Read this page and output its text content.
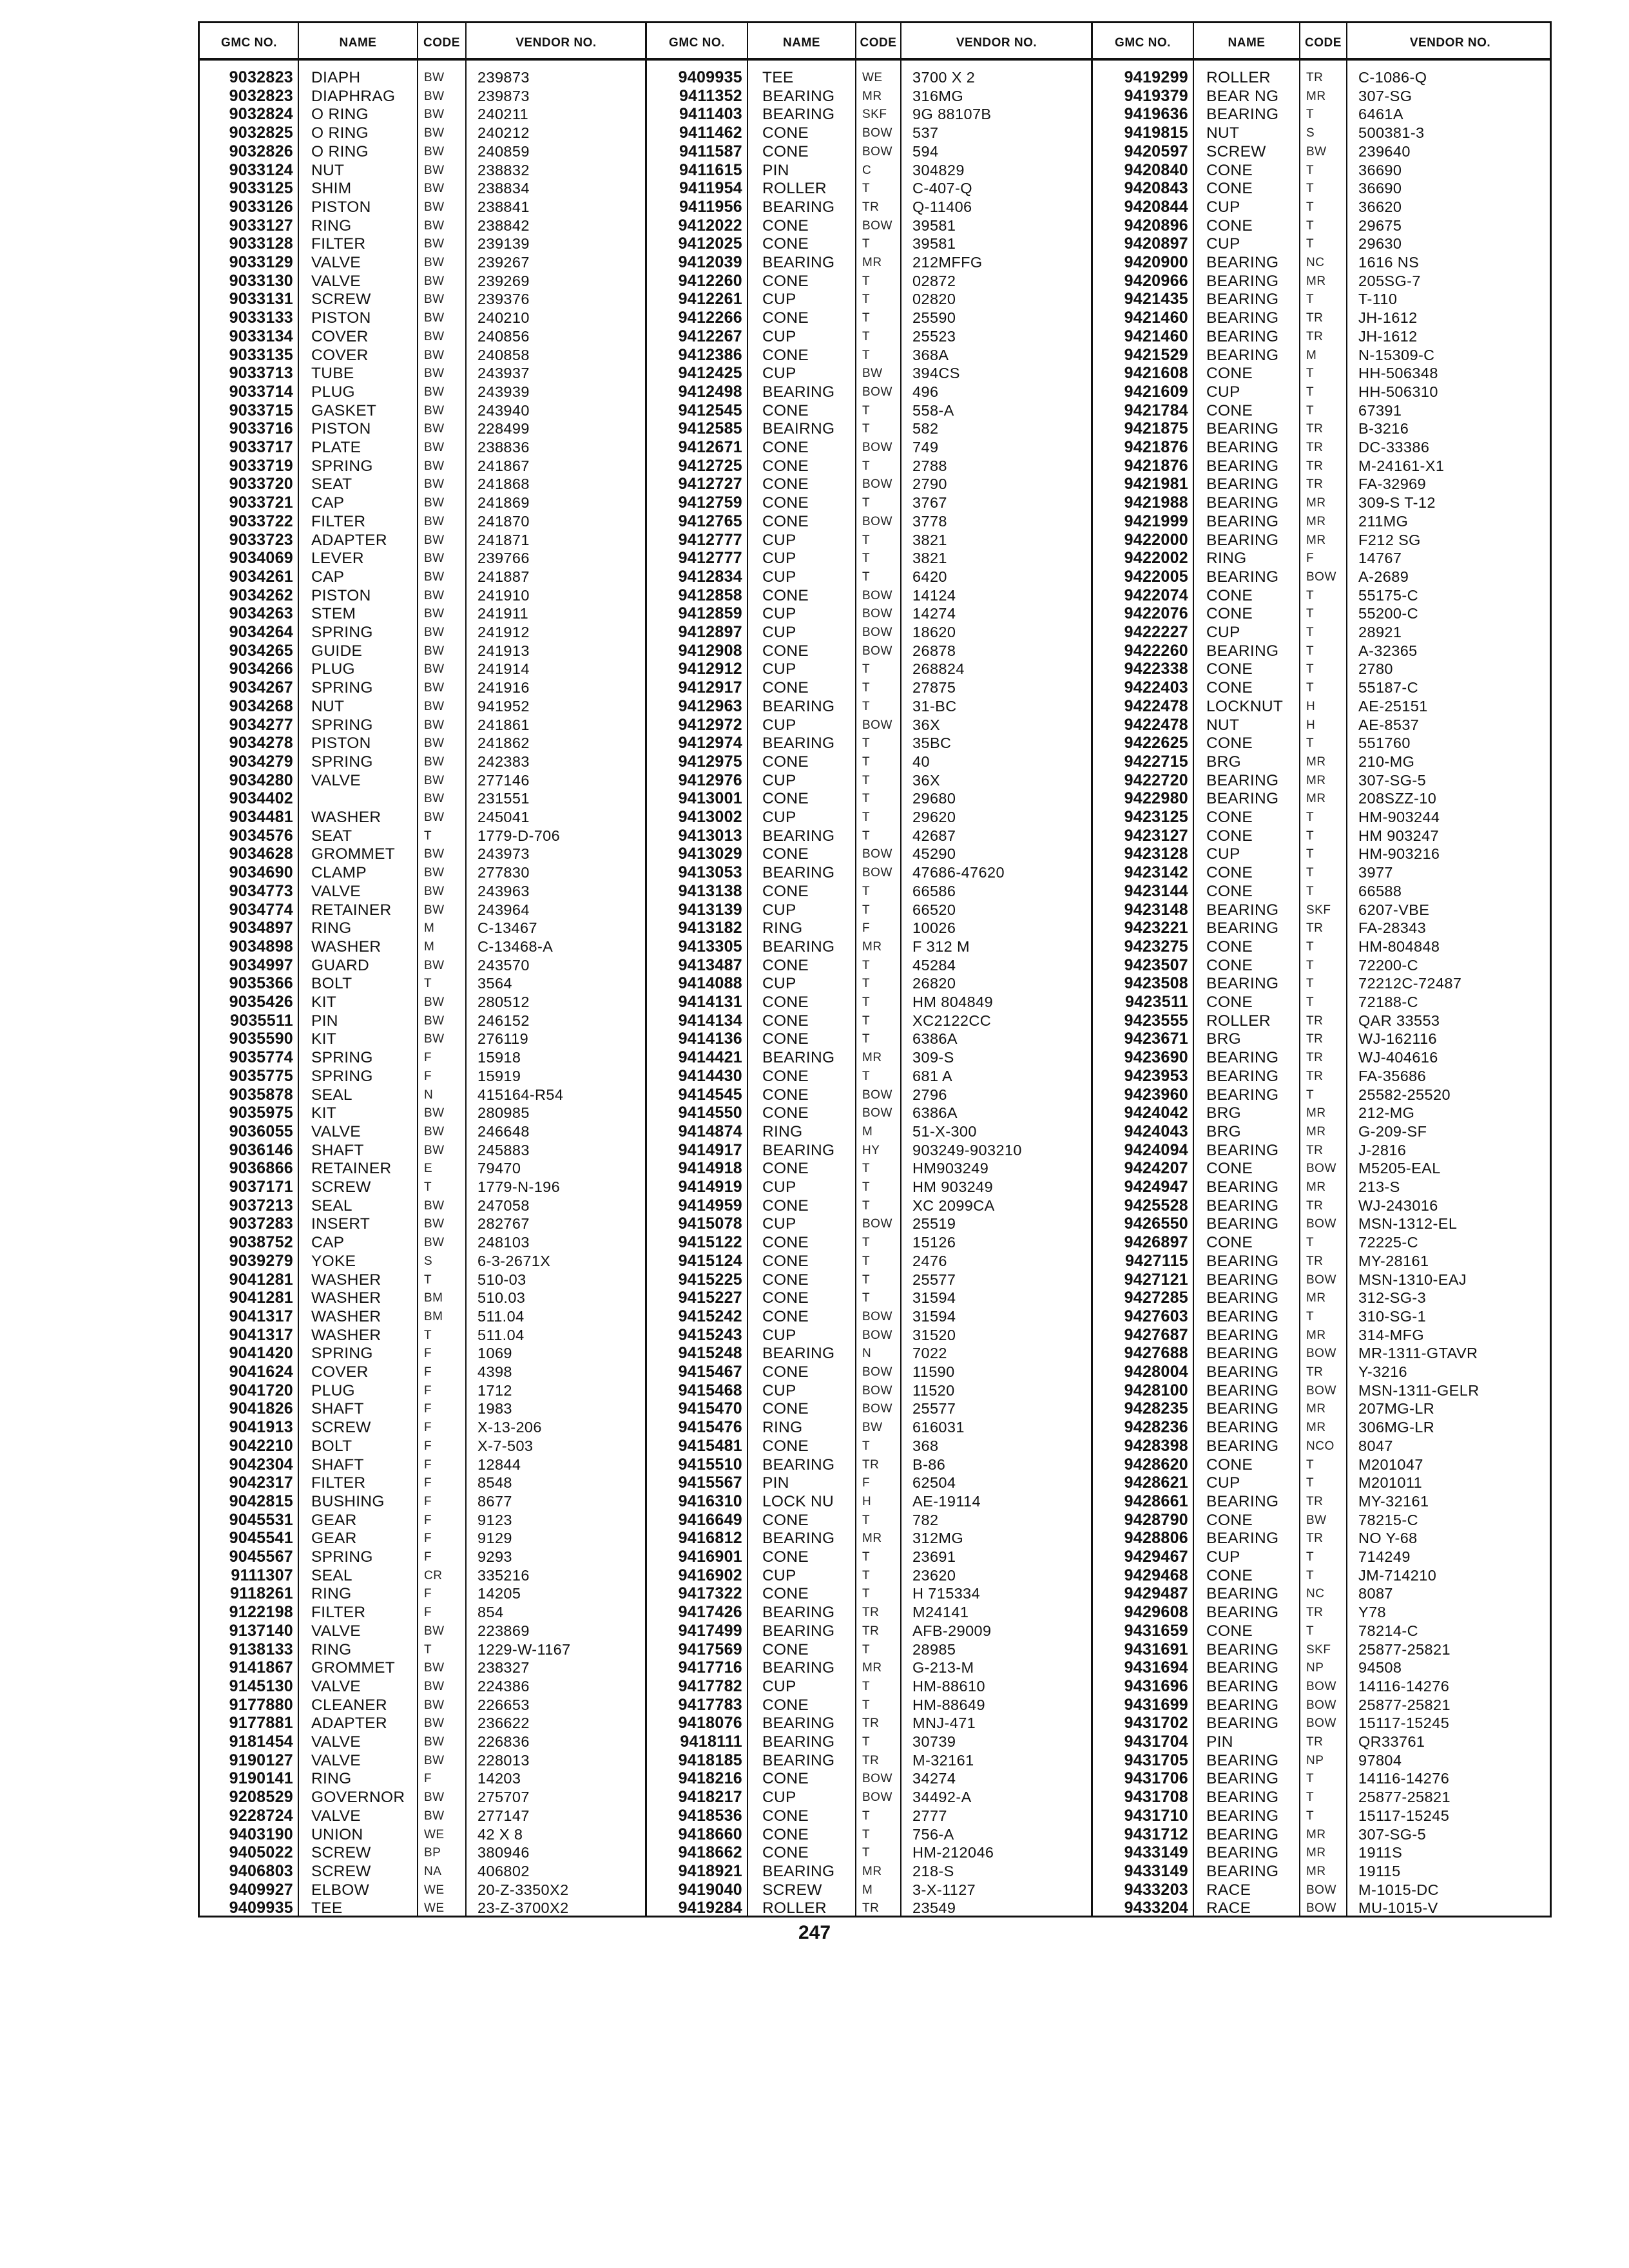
GMC NO.	NAME	CODE	VENDOR NO.	GMC NO.	NAME	CODE	VENDOR NO.	GMC NO.	NAME	CODE	VENDOR NO.
9032823 DIAPH	BW 239873
9032823 DIAPHRAG BW 239873
9032824 O RING	BW 240211
9032825 O RING	BW 240212
9032826 O RING	BW 240859
9033124 NUT	BW 238832
9033125 SHIM	BW 238834
9033126 PISTON	BW 238841
9033127 RING	BW 238842
9033128 FILTER	BW 239139
9033129 VALVE	BW 239267
9033130 VALVE	BW 239269
9033131 SCREW	BW 239376
9033133 PISTON	BW 240210
9033134 COVER	BW 240856
9033135 COVER	BW 240858
9033713 TUBE	BW 243937
9033714 PLUG	BW 243939
9033715 GASKET	BW 243940
9033716 PISTON	BW 228499
9033717 PLATE	BW 238836
9033719 SPRING	BW 241867
9033720 SEAT	BW 241868
9033721 CAP	BW 241869
9033722 FILTER	BW 241870
9033723 ADAPTER	BW 241871
9034069 LEVER	BW 239766
9034261 CAP	BW 241887
9034262 PISTON	BW 241910
9034263 STEM	BW 241911
9034264 SPRING	BW 241912
9034265 GUIDE	BW 241913
9034266 PLUG	BW 241914
9034267 SPRING	BW 241916
9034268 NUT	BW 941952
9034277 SPRING	BW 241861
9034278 PISTON	BW 241862
9034279 SPRING	BW 242383
9034280 VALVE	BW 277146
9034402	BW 231551
9034481 WASHER	BW 245041
9034576 SEAT	T	1779-D-706
9034628 GROMMET BW 243973
9034690 CLAMP	BW 277830
9034773 VALVE	BW 243963
9034774 RETAINER	BW 243964
9034897 RING	M	C-13467
9034898 WASHER	M	C-13468-A
9034997 GUARD	BW 243570
9035366 BOLT	T	3564
9035426 KIT	BW 280512
9035511 PIN	BW 246152
9035590 KIT	BW 276119
9035774 SPRING	F	15918
9035775 SPRING	F	15919
9035878 SEAL	N	415164-R54
9035975 KIT	BW 280985
9036055 VALVE	BW 246648
9036146 SHAFT	BW 245883
9036866 RETAINER	E	79470
9037171 SCREW	T	1779-N-196
9037213 SEAL	BW 247058
9037283 INSERT	BW 282767
9038752 CAP	BW 248103
9039279 YOKE	S	6-3-2671X
9041281 WASHER	T	510-03
9041281 WASHER	BM 510.03
9041317 WASHER	BM 511.04
9041317 WASHER	T	511.04
9041420 SPRING	F	1069
9041624 COVER	F	4398
9041720 PLUG	F	1712
9041826 SHAFT	F	1983
9041913 SCREW	F	X-13-206
9042210 BOLT	F	X-7-503
9042304 SHAFT	F	12844
9042317 FILTER	F	8548
9042815 BUSHING	F	8677
9045531 GEAR	F	9123
9045541 GEAR	F	9129
9045567 SPRING	F	9293
9111307 SEAL	CR 335216
9118261 RING	F	14205
9122198 FILTER	F	854
9137140 VALVE	BW 223869
9138133 RING	T	1229-W-1167
9141867 GROMMET BW 238327
9145130 VALVE	BW 224386
9177880 CLEANER	BW 226653
9177881 ADAPTER	BW 236622
9181454 VALVE	BW 226836
9190127 VALVE	BW 228013
9190141 RING	F	14203
9208529 GOVERNOR BW 275707
9228724 VALVE	BW 277147
9403190 UNION	WE 42 X 8
9405022 SCREW	BP 380946
9406803 SCREW	NA 406802
9409927 ELBOW	WE 20-Z-3350X2
9409935 TEE	WE 23-Z-3700X2
9409935 TEE	WE 3700 X 2
9411352 BEARING MR 316MG
9411403 BEARING SKF 9G 88107B
9411462 CONE	BOW 537
9411587 CONE	BOW 594
9411615 PIN	C	304829
9411954 ROLLER	T	C-407-Q
9411956 BEARING TR Q-11406
9412022 CONE	BOW 39581
9412025 CONE	T	39581
9412039 BEARING MR 212MFFG
9412260 CONE	T	02872
9412261 CUP	T	02820
9412266 CONE	T	25590
9412267 CUP	T	25523
9412386 CONE	T	368A
9412425 CUP	BW 394CS
9412498 BEARING BOW 496
9412545 CONE	T	558-A
9412585 BEAIRNG T	582
9412671 CONE	BOW 749
9412725 CONE	T	2788
9412727 CONE	BOW 2790
9412759 CONE	T	3767
9412765 CONE	BOW 3778
9412777 CUP	T	3821
9412777 CUP	T	3821
9412834 CUP	T	6420
9412858 CONE	BOW 14124
9412859 CUP	BOW 14274
9412897 CUP	BOW 18620
9412908 CONE	BOW 26878
9412912 CUP	T	268824
9412917 CONE	T	27875
9412963 BEARING T	31-BC
9412972 CUP	BOW 36X
9412974 BEARING T	35BC
9412975 CONE	T	40
9412976 CUP	T	36X
9413001 CONE	T	29680
9413002 CUP	T	29620
9413013 BEARING T	42687
9413029 CONE	BOW 45290
9413053 BEARING BOW 47686-47620
9413138 CONE	T	66586
9413139 CUP	T	66520
9413182 RING	F	10026
9413305 BEARING MR F 312 M
9413487 CONE	T	45284
9414088 CUP	T	26820
9414131 CONE	T	HM 804849
9414134 CONE	T	XC2122CC
9414136 CONE	T	6386A
9414421 BEARING MR 309-S
9414430 CONE	T	681 A
9414545 CONE	BOW 2796
9414550 CONE	BOW 6386A
9414874 RING	M	51-X-300
9414917 BEARING HY 903249-903210
9414918 CONE	T	HM903249
9414919 CUP	T	HM 903249
9414959 CONE	T	XC 2099CA
9415078 CUP	BOW 25519
9415122 CONE	T	15126
9415124 CONE	T	2476
9415225 CONE	T	25577
9415227 CONE	T	31594
9415242 CONE	BOW 31594
9415243 CUP	BOW 31520
9415248 BEARING N	7022
9415467 CONE	BOW 11590
9415468 CUP	BOW 11520
9415470 CONE	BOW 25577
9415476 RING	BW 616031
9415481 CONE	T	368
9415510 BEARING TR B-86
9415567 PIN	F	62504
9416310 LOCK NU H	AE-19114
9416649 CONE	T	782
9416812 BEARING MR 312MG
9416901 CONE	T	23691
9416902 CUP	T	23620
9417322 CONE	T	H 715334
9417426 BEARING TR M24141
9417499 BEARING TR AFB-29009
9417569 CONE	T	28985
9417716 BEARING MR G-213-M
9417782 CUP	T	HM-88610
9417783 CONE	T	HM-88649
9418076 BEARING TR MNJ-471
9418111 BEARING T	30739
9418185 BEARING TR M-32161
9418216 CONE	BOW 34274
9418217 CUP	BOW 34492-A
9418536 CONE	T	2777
9418660 CONE	T	756-A
9418662 CONE	T	HM-212046
9418921 BEARING MR 218-S
9419040 SCREW	M	3-X-1127
9419284 ROLLER	TR 23549
9419299 ROLLER	TR C-1086-Q
9419379 BEAR NG MR 307-SG
9419636 BEARING T	6461A
9419815 NUT	S	500381-3
9420597 SCREW	BW 239640
9420840 CONE	T	36690
9420843 CONE	T	36690
9420844 CUP	T	36620
9420896 CONE	T	29675
9420897 CUP	T	29630
9420900 BEARING NC 1616 NS
9420966 BEARING MR 205SG-7
9421435 BEARING T	T-110
9421460 BEARING TR JH-1612
9421460 BEARING TR JH-1612
9421529 BEARING M	N-15309-C
9421608 CONE	T	HH-506348
9421609 CUP	T	HH-506310
9421784 CONE	T	67391
9421875 BEARING TR B-3216
9421876 BEARING TR DC-33386
9421876 BEARING TR M-24161-X1
9421981 BEARING TR FA-32969
9421988 BEARING MR 309-S T-12
9421999 BEARING MR 211MG
9422000 BEARING MR F212 SG
9422002 RING	F	14767
9422005 BEARING BOW A-2689
9422074 CONE	T	55175-C
9422076 CONE	T	55200-C
9422227 CUP	T	28921
9422260 BEARING T	A-32365
9422338 CONE	T	2780
9422403 CONE	T	55187-C
9422478 LOCKNUT H	AE-25151
9422478 NUT	H	AE-8537
9422625 CONE	T	551760
9422715 BRG	MR 210-MG
9422720 BEARING MR 307-SG-5
9422980 BEARING MR 208SZZ-10
9423125 CONE	T	HM-903244
9423127 CONE	T	HM 903247
9423128 CUP	T	HM-903216
9423142 CONE	T	3977
9423144 CONE	T	66588
9423148 BEARING SKF 6207-VBE
9423221 BEARING TR FA-28343
9423275 CONE	T	HM-804848
9423507 CONE	T	72200-C
9423508 BEARING T	72212C-72487
9423511 CONE	T	72188-C
9423555 ROLLER	TR QAR 33553
9423671 BRG	TR WJ-162116
9423690 BEARING TR WJ-404616
9423953 BEARING TR FA-35686
9423960 BEARING T	25582-25520
9424042 BRG	MR 212-MG
9424043 BRG	MR G-209-SF
9424094 BEARING TR J-2816
9424207 CONE	BOW M5205-EAL
9424947 BEARING MR 213-S
9425528 BEARING TR WJ-243016
9426550 BEARING BOW MSN-1312-EL
9426897 CONE	T	72225-C
9427115 BEARING TR MY-28161
9427121 BEARING BOW MSN-1310-EAJ
9427285 BEARING MR 312-SG-3
9427603 BEARING T	310-SG-1
9427687 BEARING MR 314-MFG
9427688 BEARING BOW MR-1311-GTAVR
9428004 BEARING TR Y-3216
9428100 BEARING BOW MSN-1311-GELR
9428235 BEARING MR 207MG-LR
9428236 BEARING MR 306MG-LR
9428398 BEARING NCO 8047
9428620 CONE	T	M201047
9428621 CUP	T	M201011
9428661 BEARING TR MY-32161
9428790 CONE	BW 78215-C
9428806 BEARING TR NO Y-68
9429467 CUP	T	714249
9429468 CONE	T	JM-714210
9429487 BEARING NC 8087
9429608 BEARING TR Y78
9431659 CONE	T	78214-C
9431691 BEARING SKF 25877-25821
9431694 BEARING NP 94508
9431696 BEARING BOW 14116-14276
9431699 BEARING BOW 25877-25821
9431702 BEARING BOW 15117-15245
9431704 PIN	TR QR33761
9431705 BEARING NP 97804
9431706 BEARING T	14116-14276
9431708 BEARING T	25877-25821
9431710 BEARING T	15117-15245
9431712 BEARING MR 307-SG-5
9433149 BEARING MR 1911S
9433149 BEARING MR 19115
9433203 RACE	BOW M-1015-DC
9433204 RACE	BOW MU-1015-V
247
